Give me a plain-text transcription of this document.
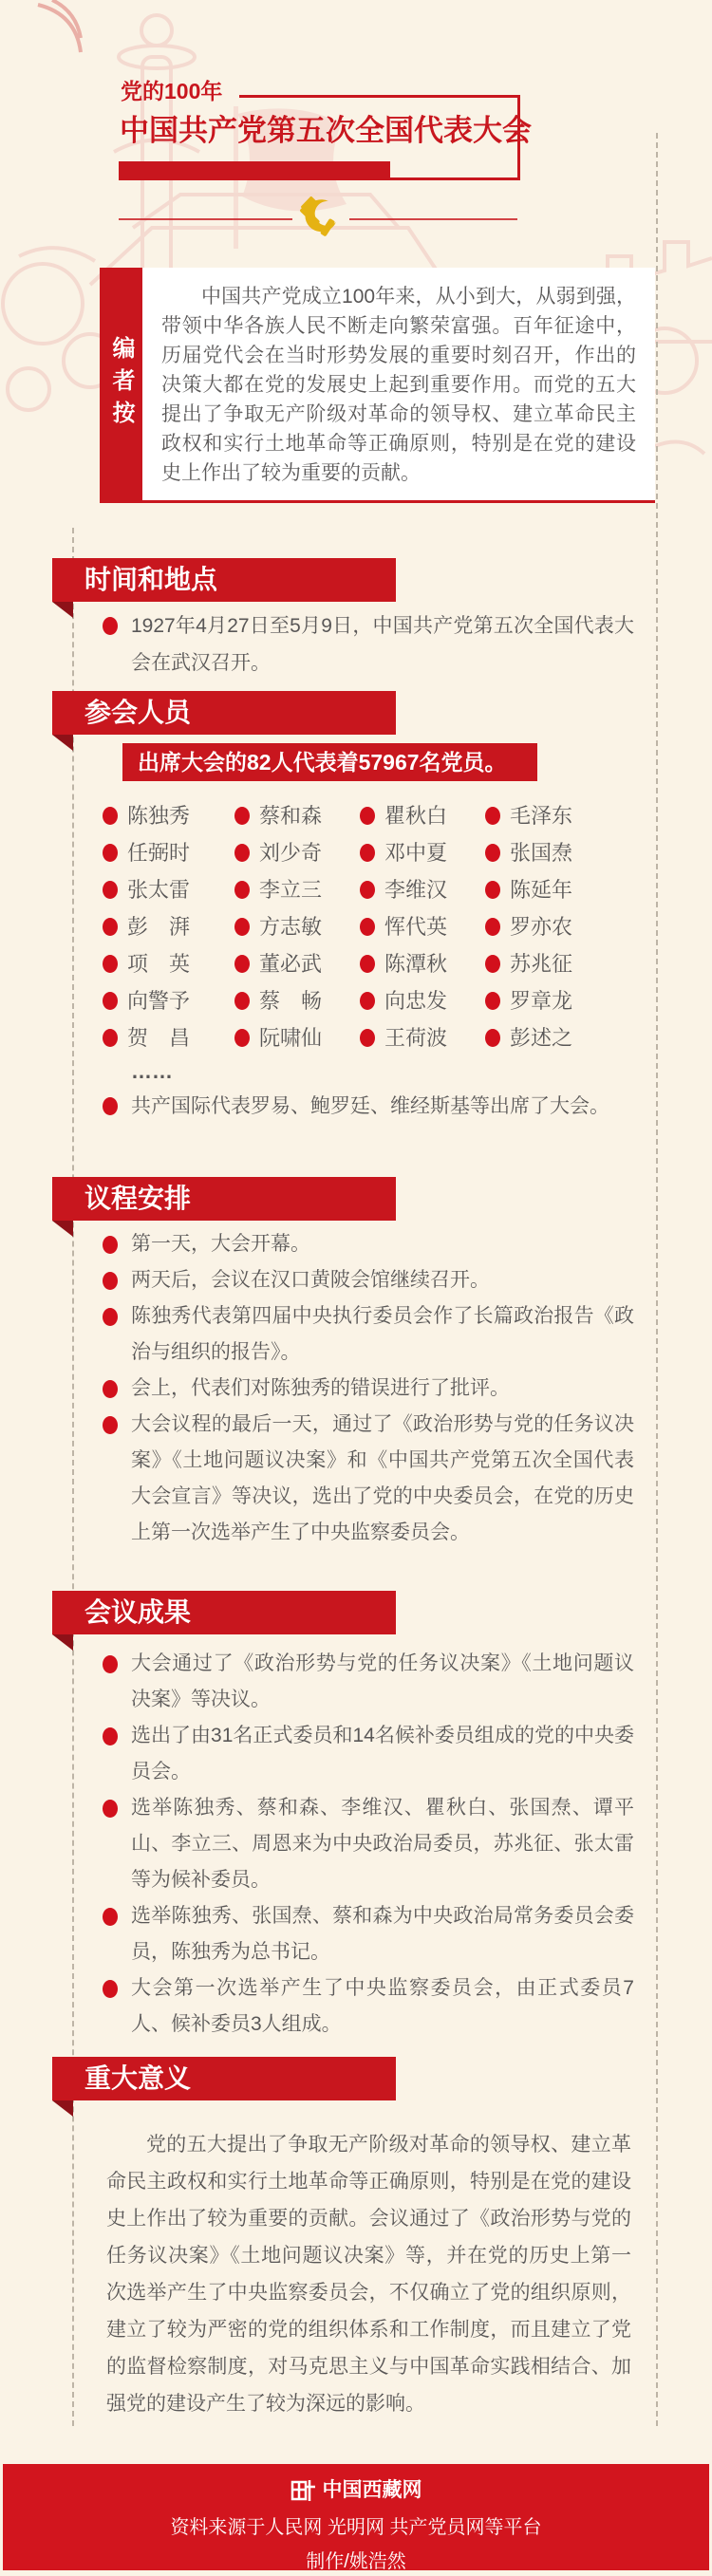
党的100年
中国共产党第五次全国代表大会
编者按
中国共产党成立100年来，从小到大，从弱到强，带领中华各族人民不断走向繁荣富强。百年征途中，历届党代会在当时形势发展的重要时刻召开，作出的决策大都在党的发展史上起到重要作用。而党的五大提出了争取无产阶级对革命的领导权、建立革命民主政权和实行土地革命等正确原则，特别是在党的建设史上作出了较为重要的贡献。
时间和地点
1927年4月27日至5月9日，中国共产党第五次全国代表大会在武汉召开。
参会人员
出席大会的82人代表着57967名党员。
陈独秀	蔡和森	瞿秋白	毛泽东
任弼时	刘少奇	邓中夏	张国焘
张太雷	李立三	李维汉	陈延年
彭　湃	方志敏	恽代英	罗亦农
项　英	董必武	陈潭秋	苏兆征
向警予	蔡　畅	向忠发	罗章龙
贺　昌	阮啸仙	王荷波	彭述之
……
共产国际代表罗易、鲍罗廷、维经斯基等出席了大会。
议程安排
第一天，大会开幕。
两天后，会议在汉口黄陂会馆继续召开。
陈独秀代表第四届中央执行委员会作了长篇政治报告《政治与组织的报告》。
会上，代表们对陈独秀的错误进行了批评。
大会议程的最后一天，通过了《政治形势与党的任务议决案》《土地问题议决案》和《中国共产党第五次全国代表大会宣言》等决议，选出了党的中央委员会，在党的历史上第一次选举产生了中央监察委员会。
会议成果
大会通过了《政治形势与党的任务议决案》《土地问题议决案》等决议。
选出了由31名正式委员和14名候补委员组成的党的中央委员会。
选举陈独秀、蔡和森、李维汉、瞿秋白、张国焘、谭平山、李立三、周恩来为中央政治局委员，苏兆征、张太雷等为候补委员。
选举陈独秀、张国焘、蔡和森为中央政治局常务委员会委员，陈独秀为总书记。
大会第一次选举产生了中央监察委员会，由正式委员7人、候补委员3人组成。
重大意义
党的五大提出了争取无产阶级对革命的领导权、建立革命民主政权和实行土地革命等正确原则，特别是在党的建设史上作出了较为重要的贡献。会议通过了《政治形势与党的任务议决案》《土地问题议决案》等，并在党的历史上第一次选举产生了中央监察委员会，不仅确立了党的组织原则，建立了较为严密的党的组织体系和工作制度，而且建立了党的监督检察制度，对马克思主义与中国革命实践相结合、加强党的建设产生了较为深远的影响。
中国西藏网
资料来源于人民网 光明网 共产党员网等平台
制作/姚浩然
